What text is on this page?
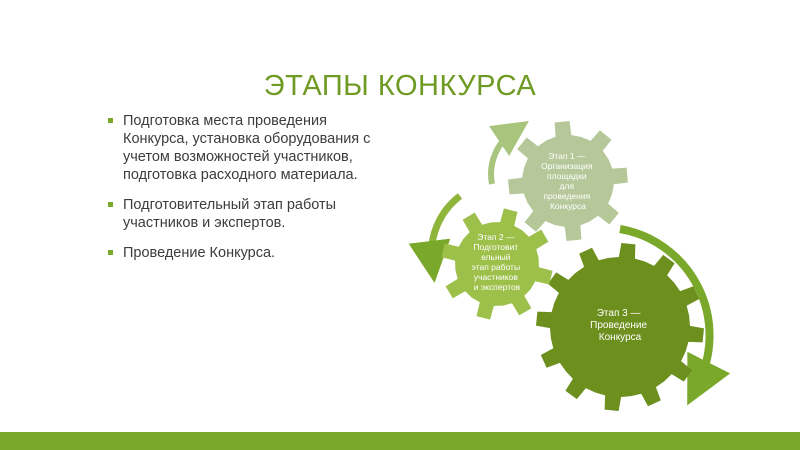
ЭТАПЫ КОНКУРСА
Подготовка места проведения Конкурса, установка оборудования с учетом возможностей участников, подготовка расходного материала.
Подготовительный этап работы участников и экспертов.
Проведение Конкурса.
Этап 3 — Проведение Конкурса
Этап 2 — Подготовит ельный этап работы участников и экспертов
Этап 1 — Организация площадки для проведения Конкурса
